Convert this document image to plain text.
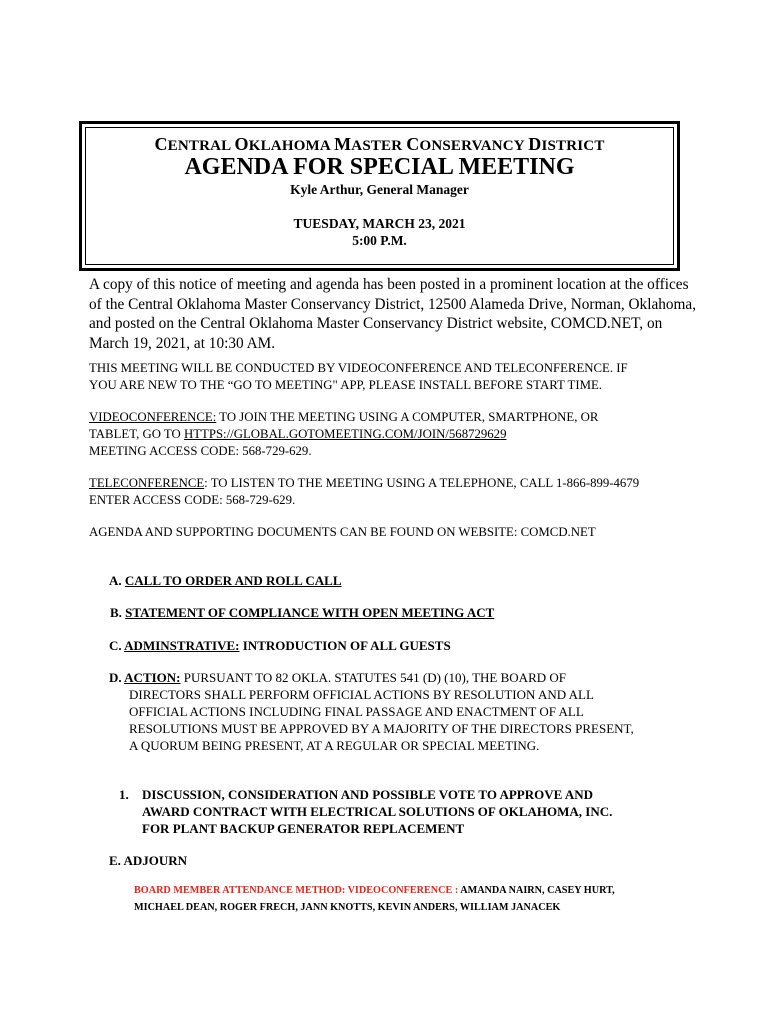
CENTRAL OKLAHOMA MASTER CONSERVANCY DISTRICT
AGENDA FOR SPECIAL MEETING
Kyle Arthur, General Manager
TUESDAY, MARCH 23, 2021
5:00 P.M.
A copy of this notice of meeting and agenda has been posted in a prominent location at the offices of the Central Oklahoma Master Conservancy District, 12500 Alameda Drive, Norman, Oklahoma, and posted on the Central Oklahoma Master Conservancy District website, COMCD.NET, on March 19, 2021, at 10:30 AM.
THIS MEETING WILL BE CONDUCTED BY VIDEOCONFERENCE AND TELECONFERENCE. IF
YOU ARE NEW TO THE “GO TO MEETING" APP, PLEASE INSTALL BEFORE START TIME.
VIDEOCONFERENCE: TO JOIN THE MEETING USING A COMPUTER, SMARTPHONE, OR
TABLET, GO TO HTTPS://GLOBAL.GOTOMEETING.COM/JOIN/568729629
MEETING ACCESS CODE: 568-729-629.
TELECONFERENCE: TO LISTEN TO THE MEETING USING A TELEPHONE, CALL 1-866-899-4679
ENTER ACCESS CODE: 568-729-629.
AGENDA AND SUPPORTING DOCUMENTS CAN BE FOUND ON WEBSITE: COMCD.NET
A. CALL TO ORDER AND ROLL CALL
B. STATEMENT OF COMPLIANCE WITH OPEN MEETING ACT
C. ADMINSTRATIVE: INTRODUCTION OF ALL GUESTS
D. ACTION: PURSUANT TO 82 OKLA. STATUTES 541 (D) (10), THE BOARD OF
DIRECTORS SHALL PERFORM OFFICIAL ACTIONS BY RESOLUTION AND ALL
OFFICIAL ACTIONS INCLUDING FINAL PASSAGE AND ENACTMENT OF ALL
RESOLUTIONS MUST BE APPROVED BY A MAJORITY OF THE DIRECTORS PRESENT,
A QUORUM BEING PRESENT, AT A REGULAR OR SPECIAL MEETING.
1. DISCUSSION, CONSIDERATION AND POSSIBLE VOTE TO APPROVE AND
AWARD CONTRACT WITH ELECTRICAL SOLUTIONS OF OKLAHOMA, INC.
FOR PLANT BACKUP GENERATOR REPLACEMENT
E. ADJOURN
BOARD MEMBER ATTENDANCE METHOD: VIDEOCONFERENCE : AMANDA NAIRN, CASEY HURT,
MICHAEL DEAN, ROGER FRECH, JANN KNOTTS, KEVIN ANDERS, WILLIAM JANACEK
